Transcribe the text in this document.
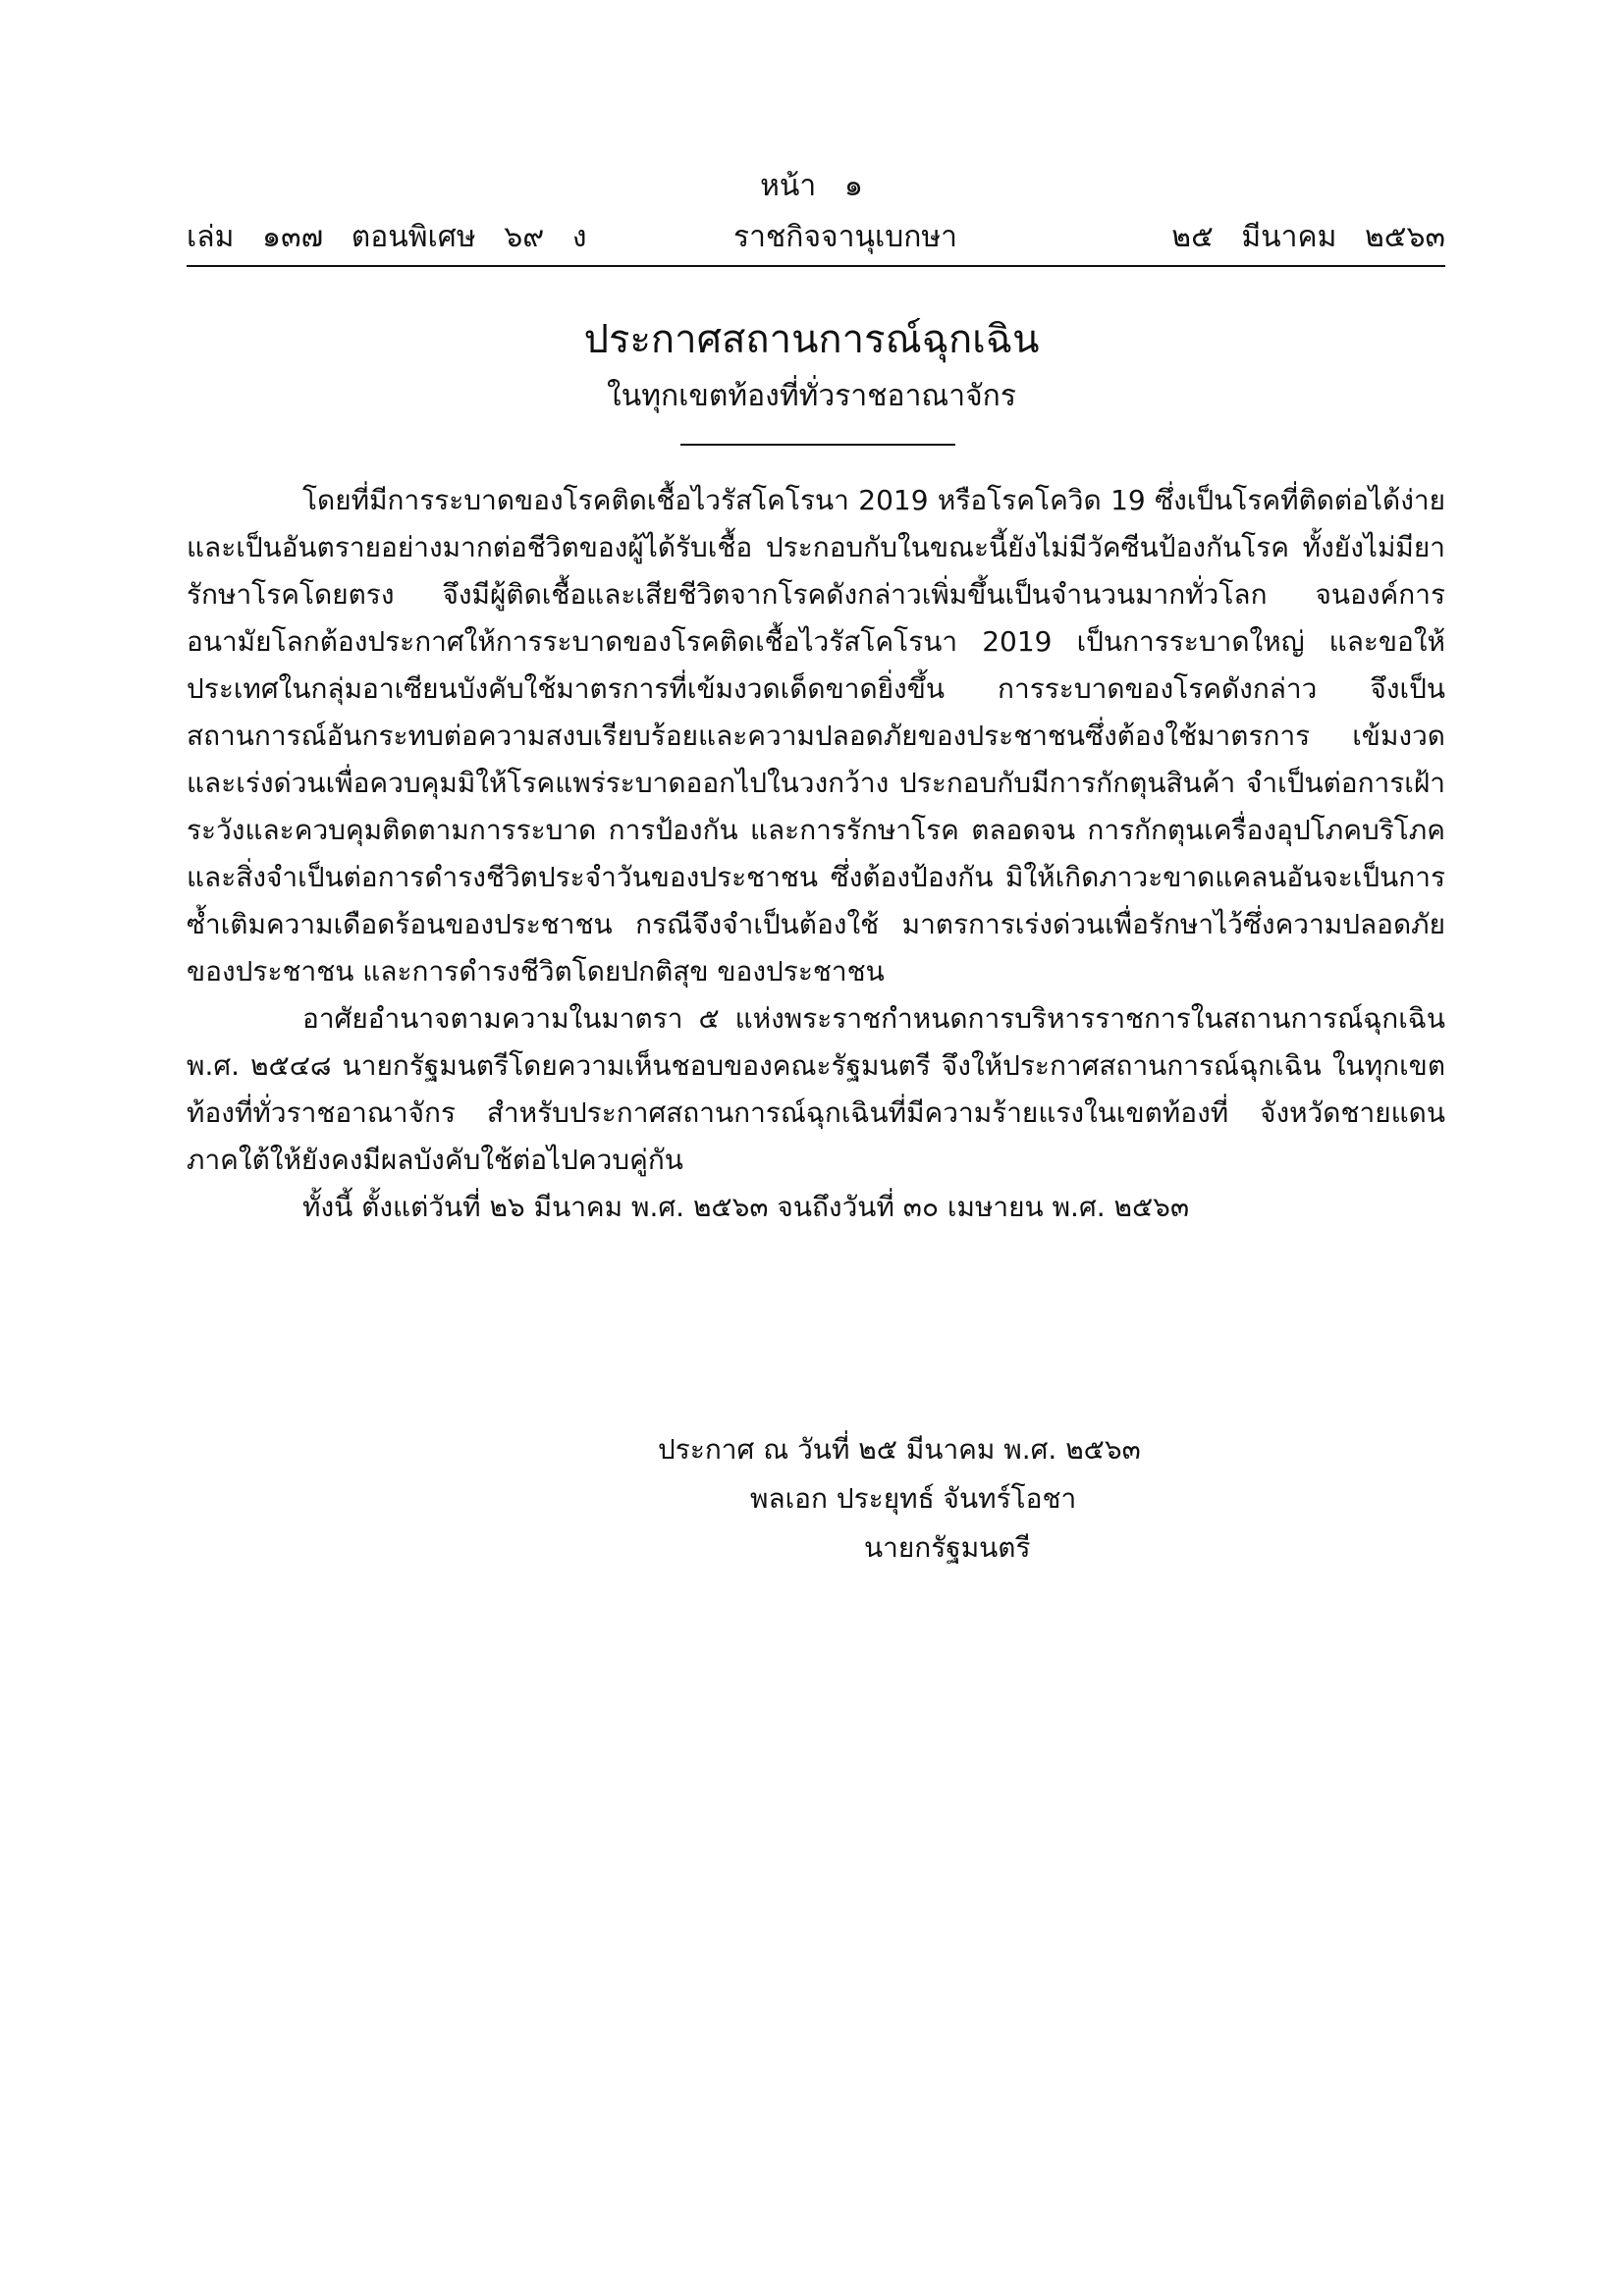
หน้า   ๑
เล่ม   ๑๓๗   ตอนพิเศษ   ๖๙   ง	ราชกิจจานุเบกษา	๒๕   มีนาคม   ๒๕๖๓
ประกาศสถานการณ์ฉุกเฉิน
ในทุกเขตท้องที่ทั่วราชอาณาจักร

โดยที่มีการระบาดของโรคติดเชื้อไวรัสโคโรนา 2019 หรือโรคโควิด 19 ซึ่งเป็นโรคที่ติดต่อได้ง่ายและเป็นอันตรายอย่างมากต่อชีวิตของผู้ได้รับเชื้อ ประกอบกับในขณะนี้ยังไม่มีวัคซีนป้องกันโรค ทั้งยังไม่มียารักษาโรคโดยตรง จึงมีผู้ติดเชื้อและเสียชีวิตจากโรคดังกล่าวเพิ่มขึ้นเป็นจำนวนมากทั่วโลก จนองค์การอนามัยโลกต้องประกาศให้การระบาดของโรคติดเชื้อไวรัสโคโรนา 2019 เป็นการระบาดใหญ่ และขอให้ประเทศในกลุ่มอาเซียนบังคับใช้มาตรการที่เข้มงวดเด็ดขาดยิ่งขึ้น การระบาดของโรคดังกล่าว จึงเป็นสถานการณ์อันกระทบต่อความสงบเรียบร้อยและความปลอดภัยของประชาชนซึ่งต้องใช้มาตรการ เข้มงวดและเร่งด่วนเพื่อควบคุมมิให้โรคแพร่ระบาดออกไปในวงกว้าง ประกอบกับมีการกักตุนสินค้า จำเป็นต่อการเฝ้าระวังและควบคุมติดตามการระบาด การป้องกัน และการรักษาโรค ตลอดจน การกักตุนเครื่องอุปโภคบริโภคและสิ่งจำเป็นต่อการดำรงชีวิตประจำวันของประชาชน ซึ่งต้องป้องกัน มิให้เกิดภาวะขาดแคลนอันจะเป็นการซ้ำเติมความเดือดร้อนของประชาชน กรณีจึงจำเป็นต้องใช้ มาตรการเร่งด่วนเพื่อรักษาไว้ซึ่งความปลอดภัยของประชาชน และการดำรงชีวิตโดยปกติสุข ของประชาชน

อาศัยอำนาจตามความในมาตรา ๕ แห่งพระราชกำหนดการบริหารราชการในสถานการณ์ฉุกเฉิน พ.ศ. ๒๕๔๘ นายกรัฐมนตรีโดยความเห็นชอบของคณะรัฐมนตรี จึงให้ประกาศสถานการณ์ฉุกเฉิน ในทุกเขตท้องที่ทั่วราชอาณาจักร สำหรับประกาศสถานการณ์ฉุกเฉินที่มีความร้ายแรงในเขตท้องที่ จังหวัดชายแดนภาคใต้ให้ยังคงมีผลบังคับใช้ต่อไปควบคู่กัน

ทั้งนี้ ตั้งแต่วันที่ ๒๖ มีนาคม พ.ศ. ๒๕๖๓ จนถึงวันที่ ๓๐ เมษายน พ.ศ. ๒๕๖๓

ประกาศ ณ วันที่ ๒๕ มีนาคม พ.ศ. ๒๕๖๓
พลเอก ประยุทธ์ จันทร์โอชา
นายกรัฐมนตรี
